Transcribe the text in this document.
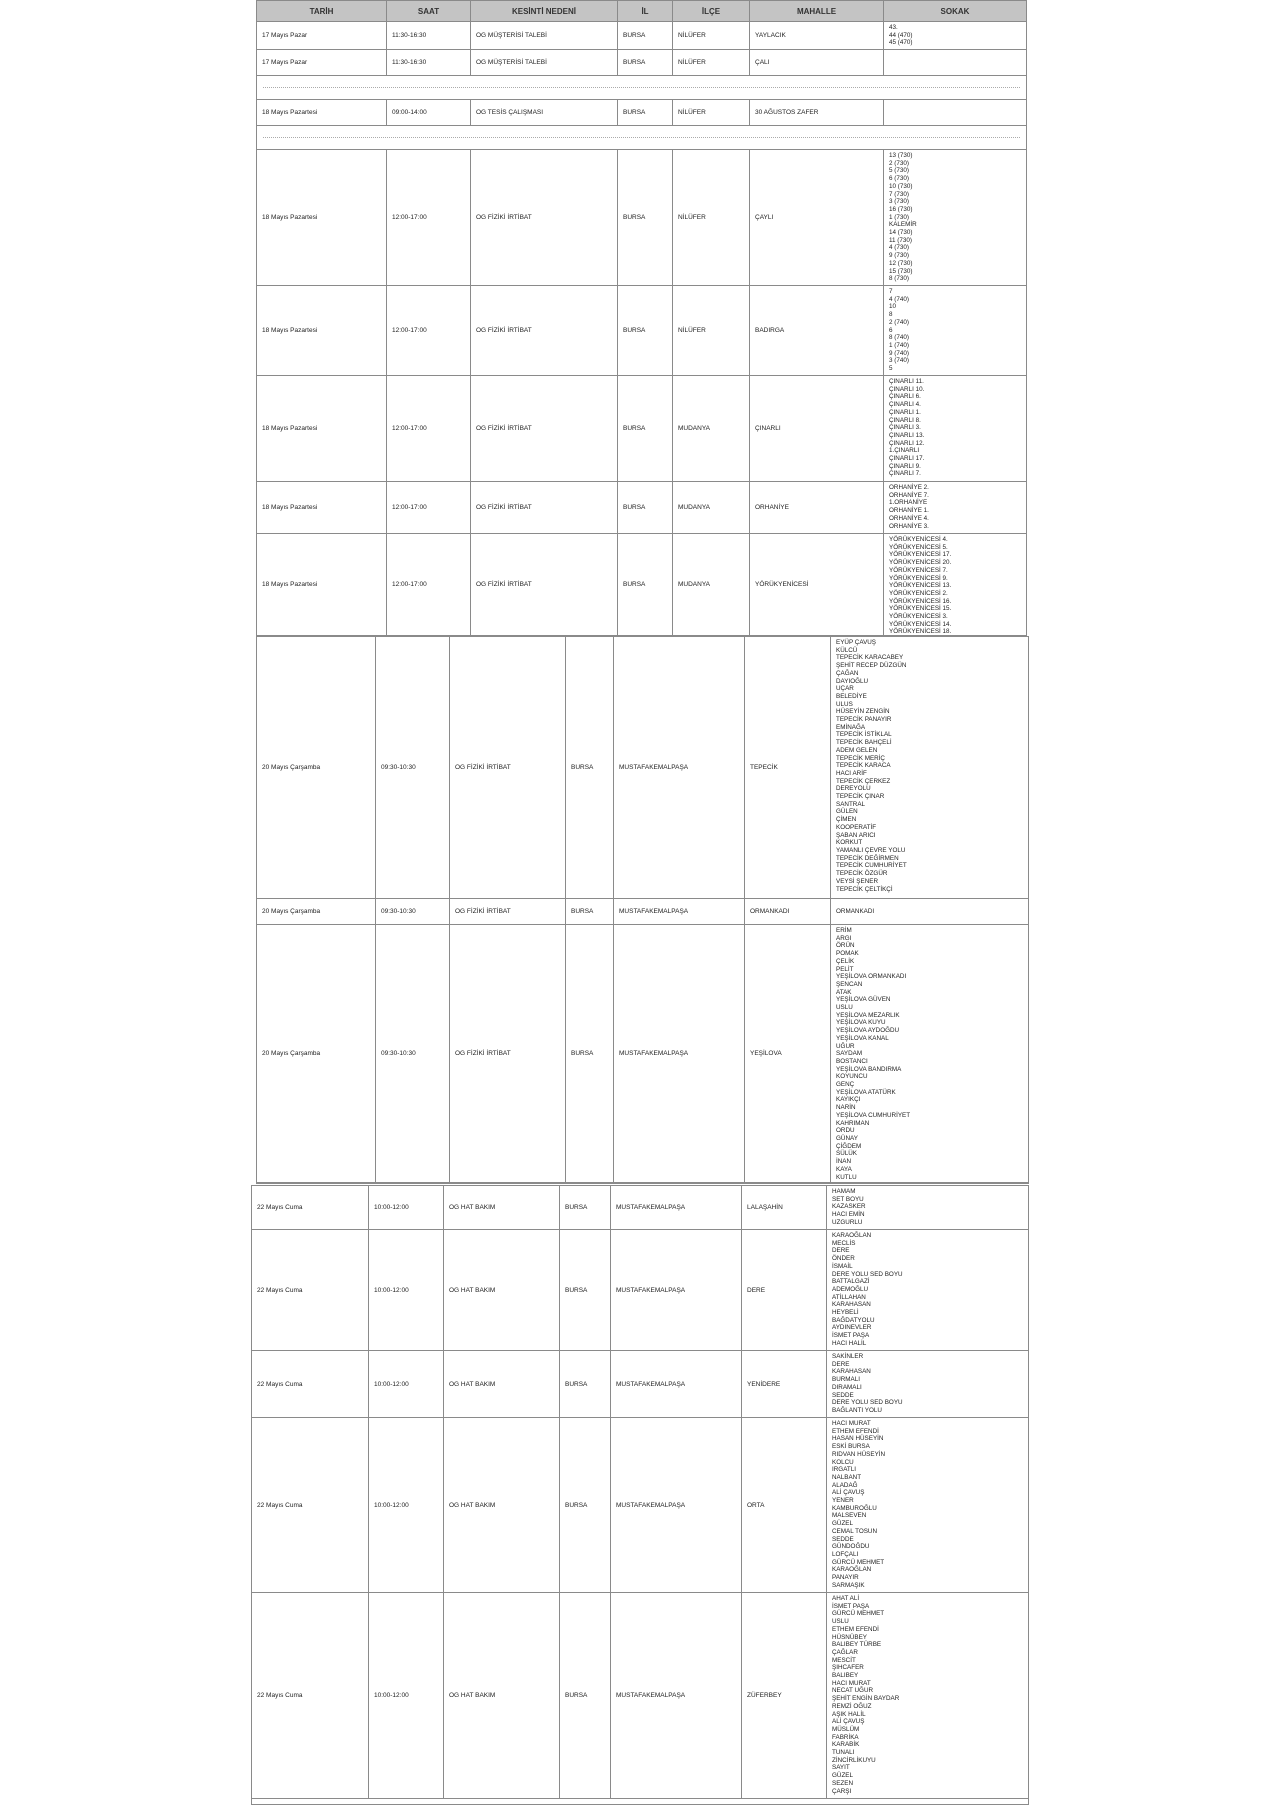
TARİH	SAAT	KESİNTİ NEDENİ	İL	İLÇE	MAHALLE	SOKAK
17 Mayıs Pazar	11:30-16:30	OG MÜŞTERİSİ TALEBİ	BURSA	NİLÜFER	YAYLACIK
43.
44 (470)
45 (470)
17 Mayıs Pazar	11:30-16:30	OG MÜŞTERİSİ TALEBİ	BURSA	NİLÜFER	ÇALI
18 Mayıs Pazartesi	09:00-14:00	OG TESİS ÇALIŞMASI	BURSA	NİLÜFER	30 AĞUSTOS ZAFER
18 Mayıs Pazartesi	12:00-17:00	OG FİZİKİ İRTİBAT	BURSA	NİLÜFER	ÇAYLI
13 (730)
2 (730)
5 (730)
6 (730)
10 (730)
7 (730)
3 (730)
16 (730)
1 (730)
KALEMİR
14 (730)
11 (730)
4 (730)
9 (730)
12 (730)
15 (730)
8 (730)
18 Mayıs Pazartesi	12:00-17:00	OG FİZİKİ İRTİBAT	BURSA	NİLÜFER	BADIRGA
7
4 (740)
10
8
2 (740)
6
8 (740)
1 (740)
9 (740)
3 (740)
5
18 Mayıs Pazartesi	12:00-17:00	OG FİZİKİ İRTİBAT	BURSA	MUDANYA	ÇINARLI
ÇINARLI 11.
ÇINARLI 10.
ÇINARLI 6.
ÇINARLI 4.
ÇINARLI 1.
ÇINARLI 8.
ÇINARLI 3.
ÇINARLI 13.
ÇINARLI 12.
1.ÇINARLI
ÇINARLI 17.
ÇINARLI 9.
ÇINARLI 7.
18 Mayıs Pazartesi	12:00-17:00	OG FİZİKİ İRTİBAT	BURSA	MUDANYA	ORHANİYE
ORHANİYE 2.
ORHANİYE 7.
1.ORHANİYE
ORHANİYE 1.
ORHANİYE 4.
ORHANİYE 3.
18 Mayıs Pazartesi	12:00-17:00	OG FİZİKİ İRTİBAT	BURSA	MUDANYA	YÖRÜKYENİCESİ
YÖRÜKYENİCESİ 4.
YÖRÜKYENİCESİ 5.
YÖRÜKYENİCESİ 17.
YÖRÜKYENİCESİ 20.
YÖRÜKYENİCESİ 7.
YÖRÜKYENİCESİ 9.
YÖRÜKYENİCESİ 13.
YÖRÜKYENİCESİ 2.
YÖRÜKYENİCESİ 16.
YÖRÜKYENİCESİ 15.
YÖRÜKYENİCESİ 3.
YÖRÜKYENİCESİ 14.
YÖRÜKYENİCESİ 18.
20 Mayıs Çarşamba	09:30-10:30	OG FİZİKİ İRTİBAT	BURSA	MUSTAFAKEMALPAŞA	TEPECİK
EYÜP ÇAVUŞ
KÜLCÜ
TEPECİK KARACABEY
ŞEHİT RECEP DÜZGÜN
ÇAĞAN
DAYIOĞLU
UÇAR
BELEDİYE
ULUS
HÜSEYİN ZENGİN
TEPECİK PANAYIR
EMİNAĞA
TEPECİK İSTİKLAL
TEPECİK BAHÇELİ
ADEM GELEN
TEPECİK MERİÇ
TEPECİK KARACA
HACI ARİF
TEPECİK ÇERKEZ
DEREYOLU
TEPECİK ÇINAR
SANTRAL
GÜLEN
ÇİMEN
KOOPERATİF
ŞABAN ARICI
KORKUT
YAMANLI ÇEVRE YOLU
TEPECİK DEĞİRMEN
TEPECİK CUMHURİYET
TEPECİK ÖZGÜR
VEYSİ ŞENER
TEPECİK ÇELTİKÇİ
20 Mayıs Çarşamba	09:30-10:30	OG FİZİKİ İRTİBAT	BURSA	MUSTAFAKEMALPAŞA	ORMANKADI	ORMANKADI
20 Mayıs Çarşamba	09:30-10:30	OG FİZİKİ İRTİBAT	BURSA	MUSTAFAKEMALPAŞA	YEŞİLOVA
ERİM
ARGI
ÖRÜN
POMAK
ÇELİK
PELİT
YEŞİLOVA ORMANKADI
ŞENCAN
ATAK
YEŞİLOVA GÜVEN
USLU
YEŞİLOVA MEZARLIK
YEŞİLOVA KUYU
YEŞİLOVA AYDOĞDU
YEŞİLOVA KANAL
UĞUR
SAYDAM
BOSTANCI
YEŞİLOVA BANDIRMA
KOYUNCU
GENÇ
YEŞİLOVA ATATÜRK
KAYIKÇI
NARİN
YEŞİLOVA CUMHURİYET
KAHRIMAN
ORDU
GÜNAY
ÇİĞDEM
SÜLÜK
İNAN
KAYA
KUTLU
22 Mayıs Cuma	10:00-12:00	OG HAT BAKIM	BURSA	MUSTAFAKEMALPAŞA	LALAŞAHİN
HAMAM
SET BOYU
KAZASKER
HACI EMİN
UZGURLU
22 Mayıs Cuma	10:00-12:00	OG HAT BAKIM	BURSA	MUSTAFAKEMALPAŞA	DERE
KARAOĞLAN
MECLİS
DERE
ÖNDER
İSMAİL
DERE YOLU SED BOYU
BATTALGAZİ
ADEMOĞLU
ATİLLAHAN
KARAHASAN
HEYBELİ
BAĞDATYOLU
AYDINEVLER
İSMET PAŞA
HACI HALİL
22 Mayıs Cuma	10:00-12:00	OG HAT BAKIM	BURSA	MUSTAFAKEMALPAŞA	YENİDERE
SAKİNLER
DERE
KARAHASAN
BURMALI
DIRAMALI
SEDDE
DERE YOLU SED BOYU
BAĞLANTI YOLU
22 Mayıs Cuma	10:00-12:00	OG HAT BAKIM	BURSA	MUSTAFAKEMALPAŞA	ORTA
HACI MURAT
ETHEM EFENDİ
HASAN HÜSEYİN
ESKİ BURSA
RIDVAN HÜSEYİN
KOLCU
IRGATLI
NALBANT
ALADAĞ
ALİ ÇAVUŞ
YENER
KAMBUROĞLU
MALSEVEN
GÜZEL
CEMAL TOSUN
SEDDE
GÜNDOĞDU
LOFÇALI
GÜRCÜ MEHMET
KARAOĞLAN
PANAYIR
SARMAŞIK
22 Mayıs Cuma	10:00-12:00	OG HAT BAKIM	BURSA	MUSTAFAKEMALPAŞA	ZÜFERBEY
AHAT ALİ
İSMET PAŞA
GÜRCÜ MEHMET
USLU
ETHEM EFENDİ
HÜSNÜBEY
BALIBEY TÜRBE
ÇAĞLAR
MESCİT
ŞIHCAFER
BALIBEY
HACI MURAT
NECAT UĞUR
ŞEHİT ENGİN BAYDAR
REMZİ OĞUZ
AŞIK HALİL
ALİ ÇAVUŞ
MÜSLÜM
FABRİKA
KARABİK
TUNALI
ZİNCİRLİKUYU
SAYIT
GÜZEL
SEZEN
ÇARŞI
